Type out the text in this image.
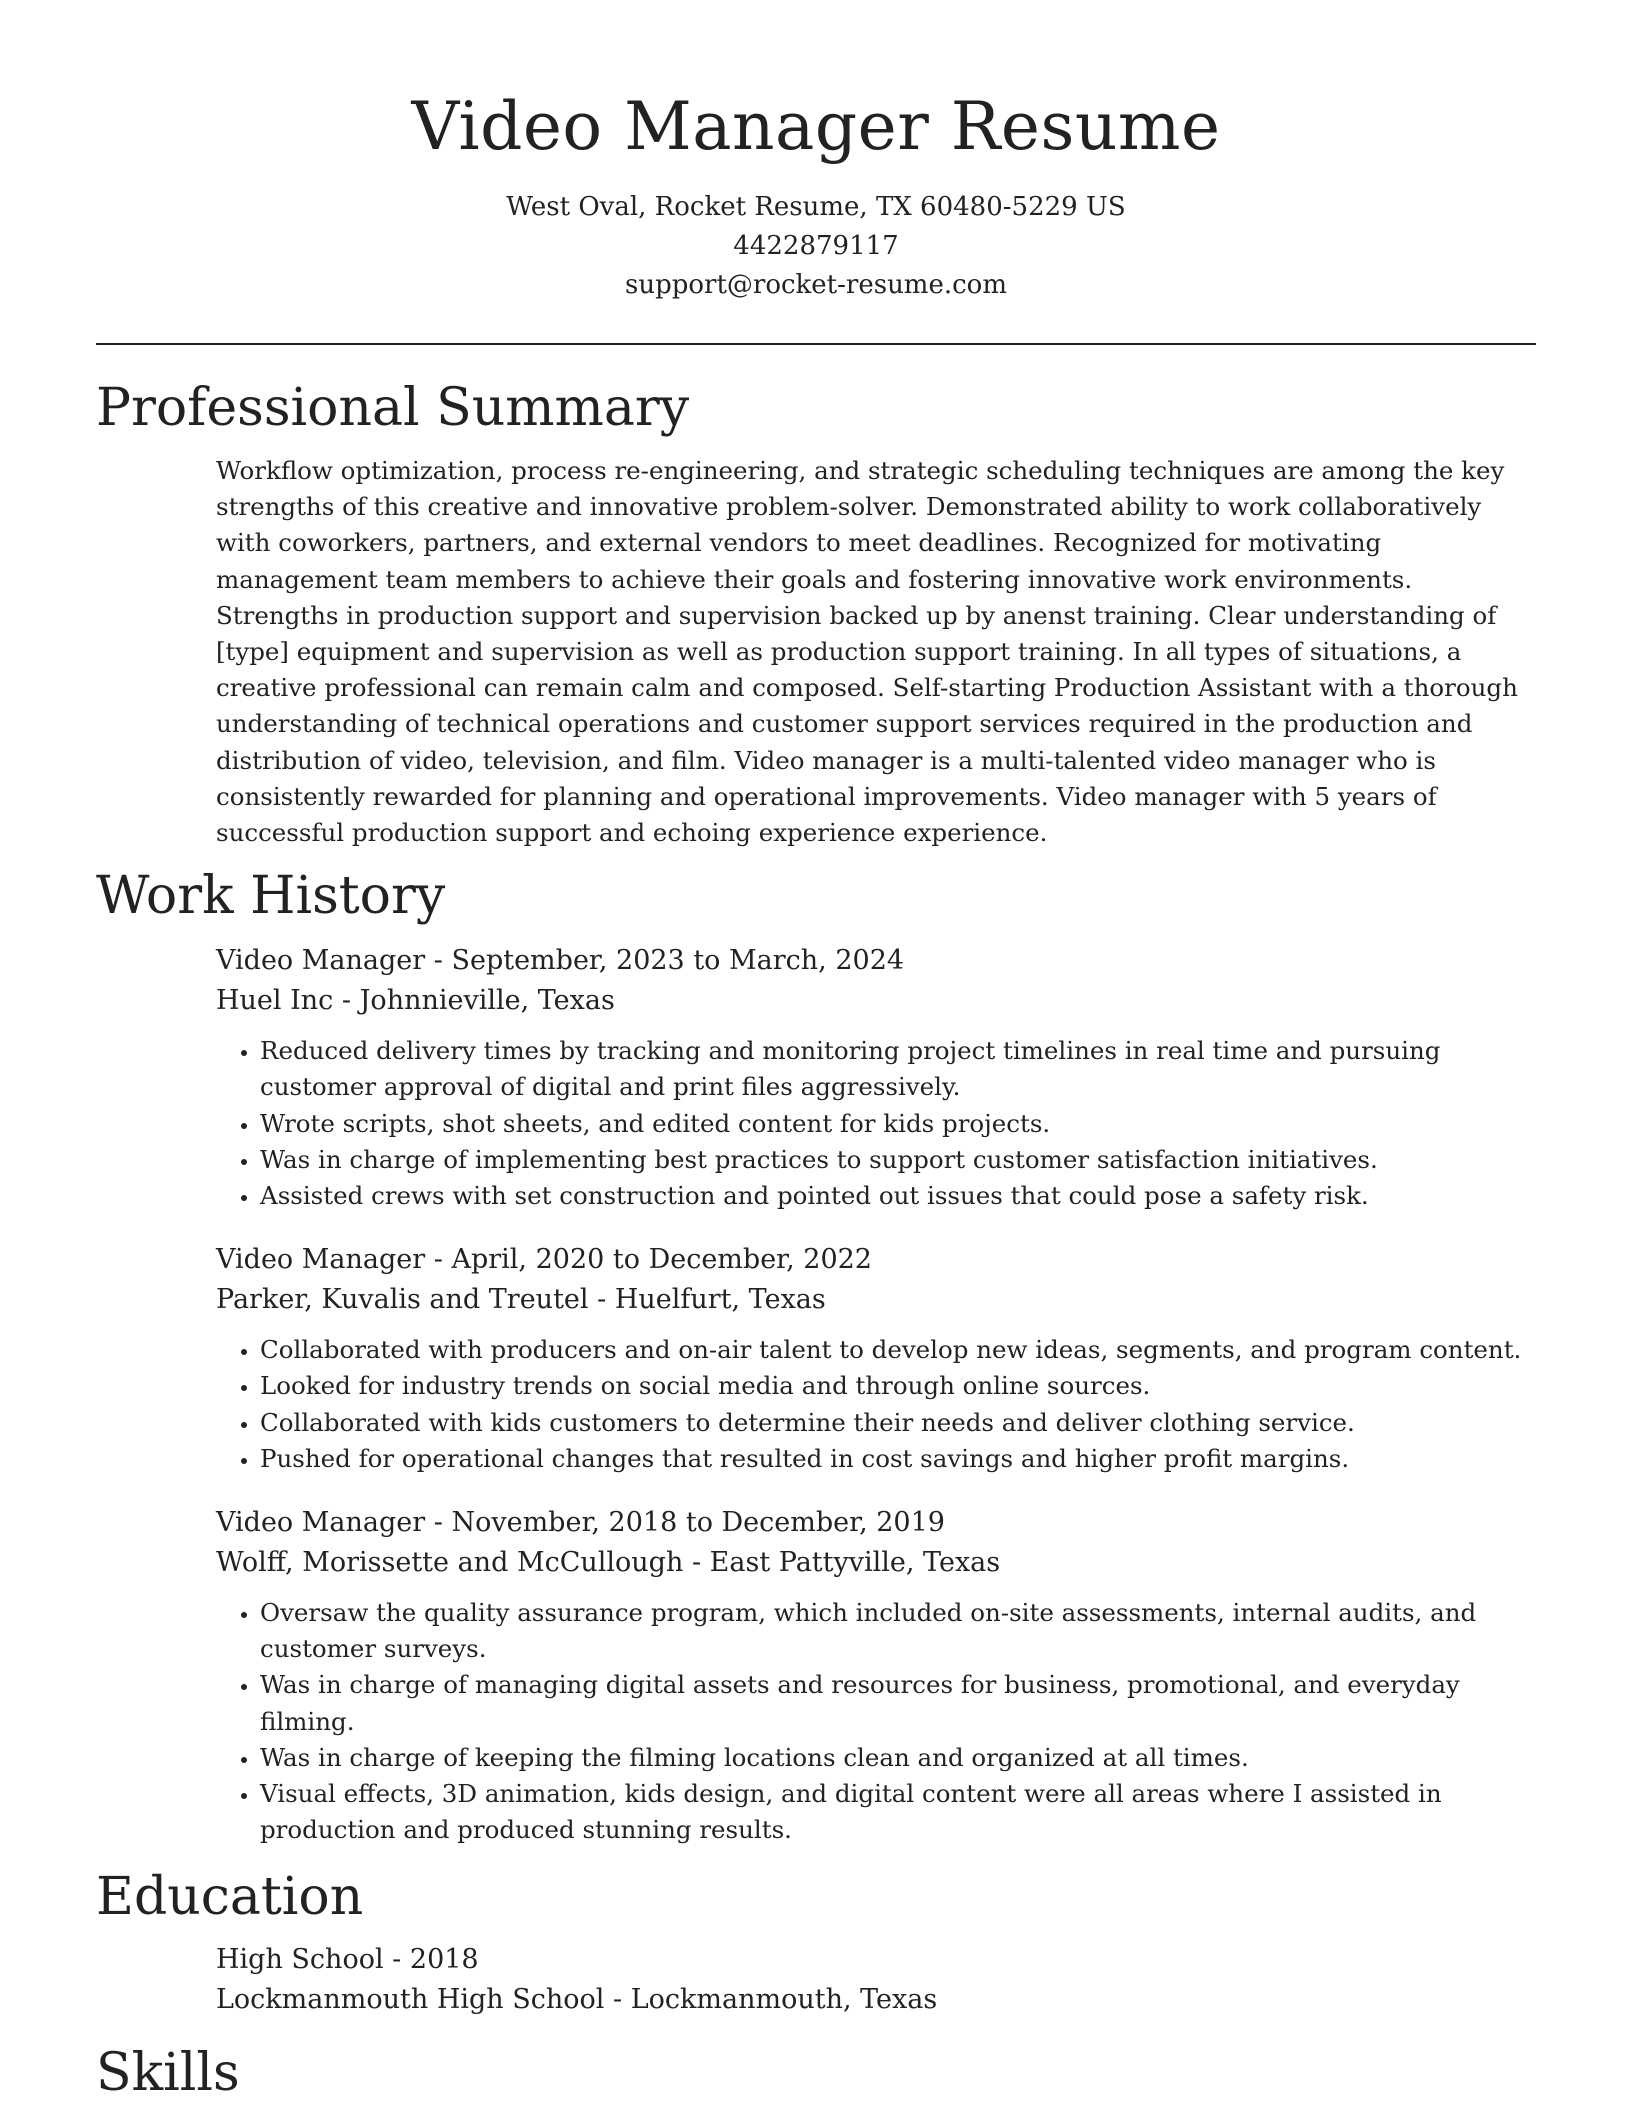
Video Manager Resume

West Oval, Rocket Resume, TX 60480-5229 US

4422879117

support@rocket-resume.com

Professional Summary

Workflow optimization, process re-engineering, and strategic scheduling techniques are among the key strengths of this creative and innovative problem-solver. Demonstrated ability to work collaboratively with coworkers, partners, and external vendors to meet deadlines. Recognized for motivating management team members to achieve their goals and fostering innovative work environments. Strengths in production support and supervision backed up by anenst training. Clear understanding of [type] equipment and supervision as well as production support training. In all types of situations, a creative professional can remain calm and composed. Self-starting Production Assistant with a thorough understanding of technical operations and customer support services required in the production and distribution of video, television, and film. Video manager is a multi-talented video manager who is consistently rewarded for planning and operational improvements. Video manager with 5 years of successful production support and echoing experience experience.

Work History

Video Manager - September, 2023 to March, 2024

Huel Inc - Johnnieville, Texas

• Reduced delivery times by tracking and monitoring project timelines in real time and pursuing customer approval of digital and print files aggressively.
• Wrote scripts, shot sheets, and edited content for kids projects.
• Was in charge of implementing best practices to support customer satisfaction initiatives.
• Assisted crews with set construction and pointed out issues that could pose a safety risk.

Video Manager - April, 2020 to December, 2022

Parker, Kuvalis and Treutel - Huelfurt, Texas

• Collaborated with producers and on-air talent to develop new ideas, segments, and program content.
• Looked for industry trends on social media and through online sources.
• Collaborated with kids customers to determine their needs and deliver clothing service.
• Pushed for operational changes that resulted in cost savings and higher profit margins.

Video Manager - November, 2018 to December, 2019

Wolff, Morissette and McCullough - East Pattyville, Texas

• Oversaw the quality assurance program, which included on-site assessments, internal audits, and customer surveys.
• Was in charge of managing digital assets and resources for business, promotional, and everyday filming.
• Was in charge of keeping the filming locations clean and organized at all times.
• Visual effects, 3D animation, kids design, and digital content were all areas where I assisted in production and produced stunning results.
Education

High School - 2018

Lockmanmouth High School - Lockmanmouth, Texas

Skills
